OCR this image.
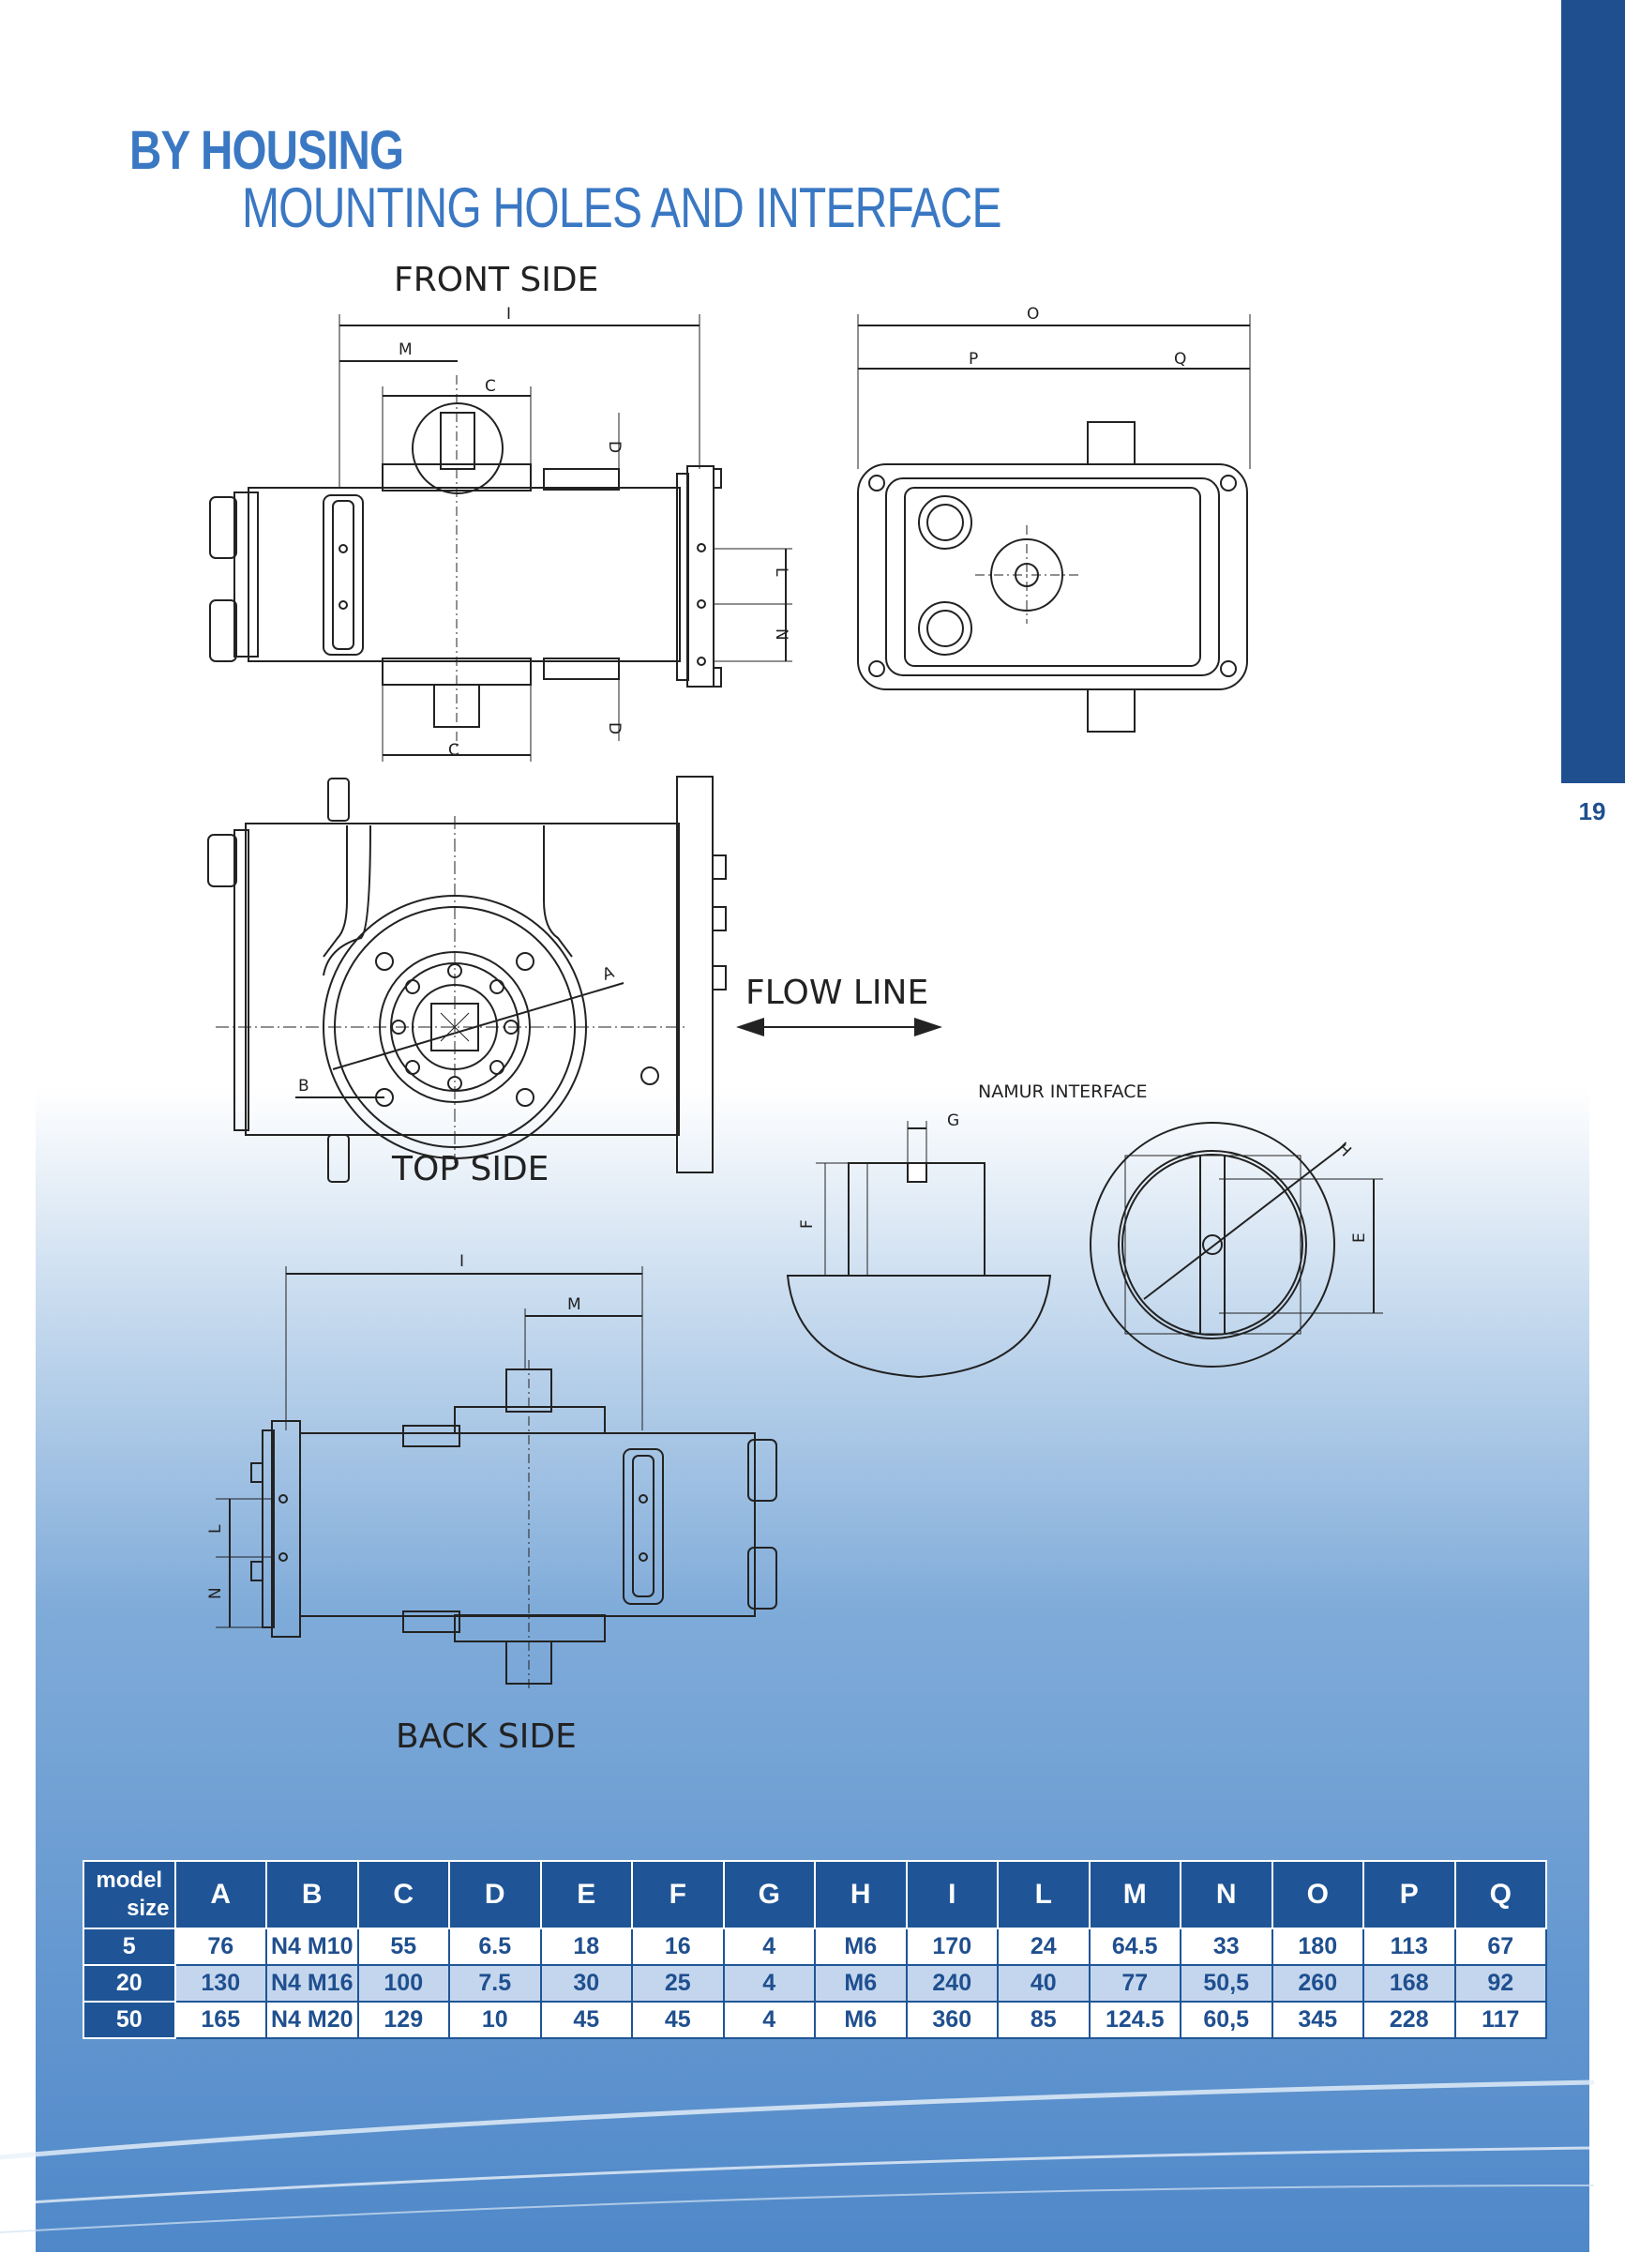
19
BY HOUSING
MOUNTING HOLES AND INTERFACE
FRONT SIDE
I
M
C
D
L
N
C
D
O
P	Q
A
B
TOP SIDE
FLOW LINE
NAMUR INTERFACE
F
G
H
E
I
M
L
N
BACK SIDE
model
size	A	B	C	D	E	F	G	H	I	L	M	N	O	P	Q
5	76	N4 M10	55	6.5	18	16	4	M6	170	24	64.5	33	180	113	67
20	130	N4 M16	100	7.5	30	25	4	M6	240	40	77	50,5	260	168	92
50	165	N4 M20	129	10	45	45	4	M6	360	85	124.5	60,5	345	228	117
